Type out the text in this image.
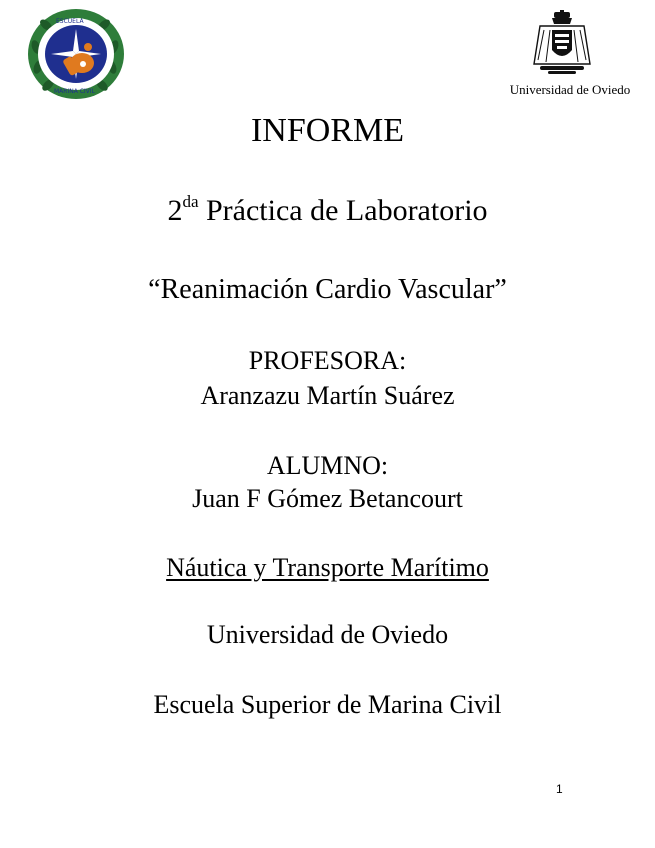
ESCUELA
MARINA CIVIL	Universidad de Oviedo
INFORME
$2^{da}$ Práctica de Laboratorio
“Reanimación Cardio Vascular”
PROFESORA:
Aranzazu Martín Suárez
ALUMNO:
Juan F Gómez Betancourt
Náutica y Transporte Marítimo
Universidad de Oviedo
Escuela Superior de Marina Civil
1
